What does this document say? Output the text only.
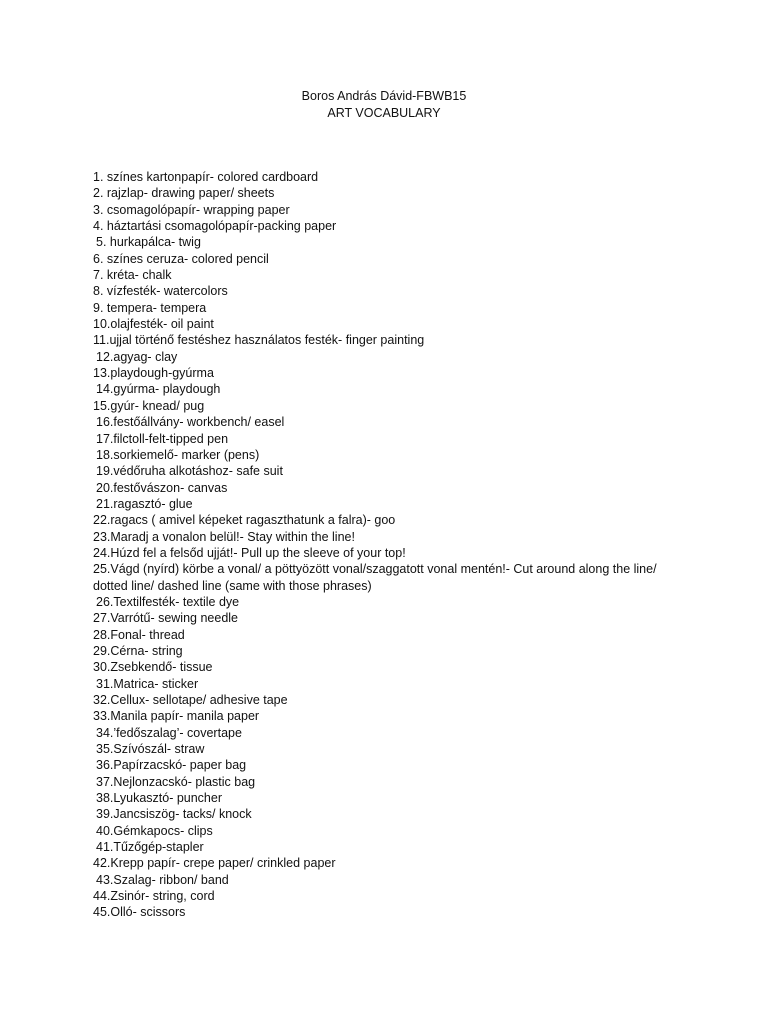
Boros András Dávid-FBWB15
ART VOCABULARY
1. színes kartonpapír- colored cardboard
2. rajzlap- drawing paper/ sheets
3. csomagolópapír- wrapping paper
4. háztartási csomagolópapír-packing paper
5. hurkapálca- twig
6. színes ceruza- colored pencil
7. kréta- chalk
8. vízfesték- watercolors
9. tempera- tempera
10.olajfesték- oil paint
11.ujjal történő festéshez használatos festék- finger painting
12.agyag- clay
13.playdough-gyúrma
14.gyúrma- playdough
15.gyúr- knead/ pug
16.festőállvány- workbench/ easel
17.filctoll-felt-tipped pen
18.sorkiemelő- marker (pens)
19.védőruha alkotáshoz- safe suit
20.festővászon- canvas
21.ragasztó- glue
22.ragacs ( amivel képeket ragaszthatunk a falra)- goo
23.Maradj a vonalon belül!- Stay within the line!
24.Húzd fel a felsőd ujját!- Pull up the sleeve of your top!
25.Vágd (nyírd) körbe a vonal/ a pöttyözött vonal/szaggatott vonal mentén!- Cut around along the line/ dotted line/ dashed line (same with those phrases)
26.Textilfesték- textile dye
27.Varrótű- sewing needle
28.Fonal- thread
29.Cérna- string
30.Zsebkendő- tissue
31.Matrica- sticker
32.Cellux- sellotape/ adhesive tape
33.Manila papír- manila paper
34.’fedőszalag’- covertape
35.Szívószál- straw
36.Papírzacskó- paper bag
37.Nejlonzacskó- plastic bag
38.Lyukasztó- puncher
39.Jancsiszög- tacks/ knock
40.Gémkapocs- clips
41.Tűzőgép-stapler
42.Krepp papír- crepe paper/ crinkled paper
43.Szalag- ribbon/ band
44.Zsinór- string, cord
45.Olló- scissors
